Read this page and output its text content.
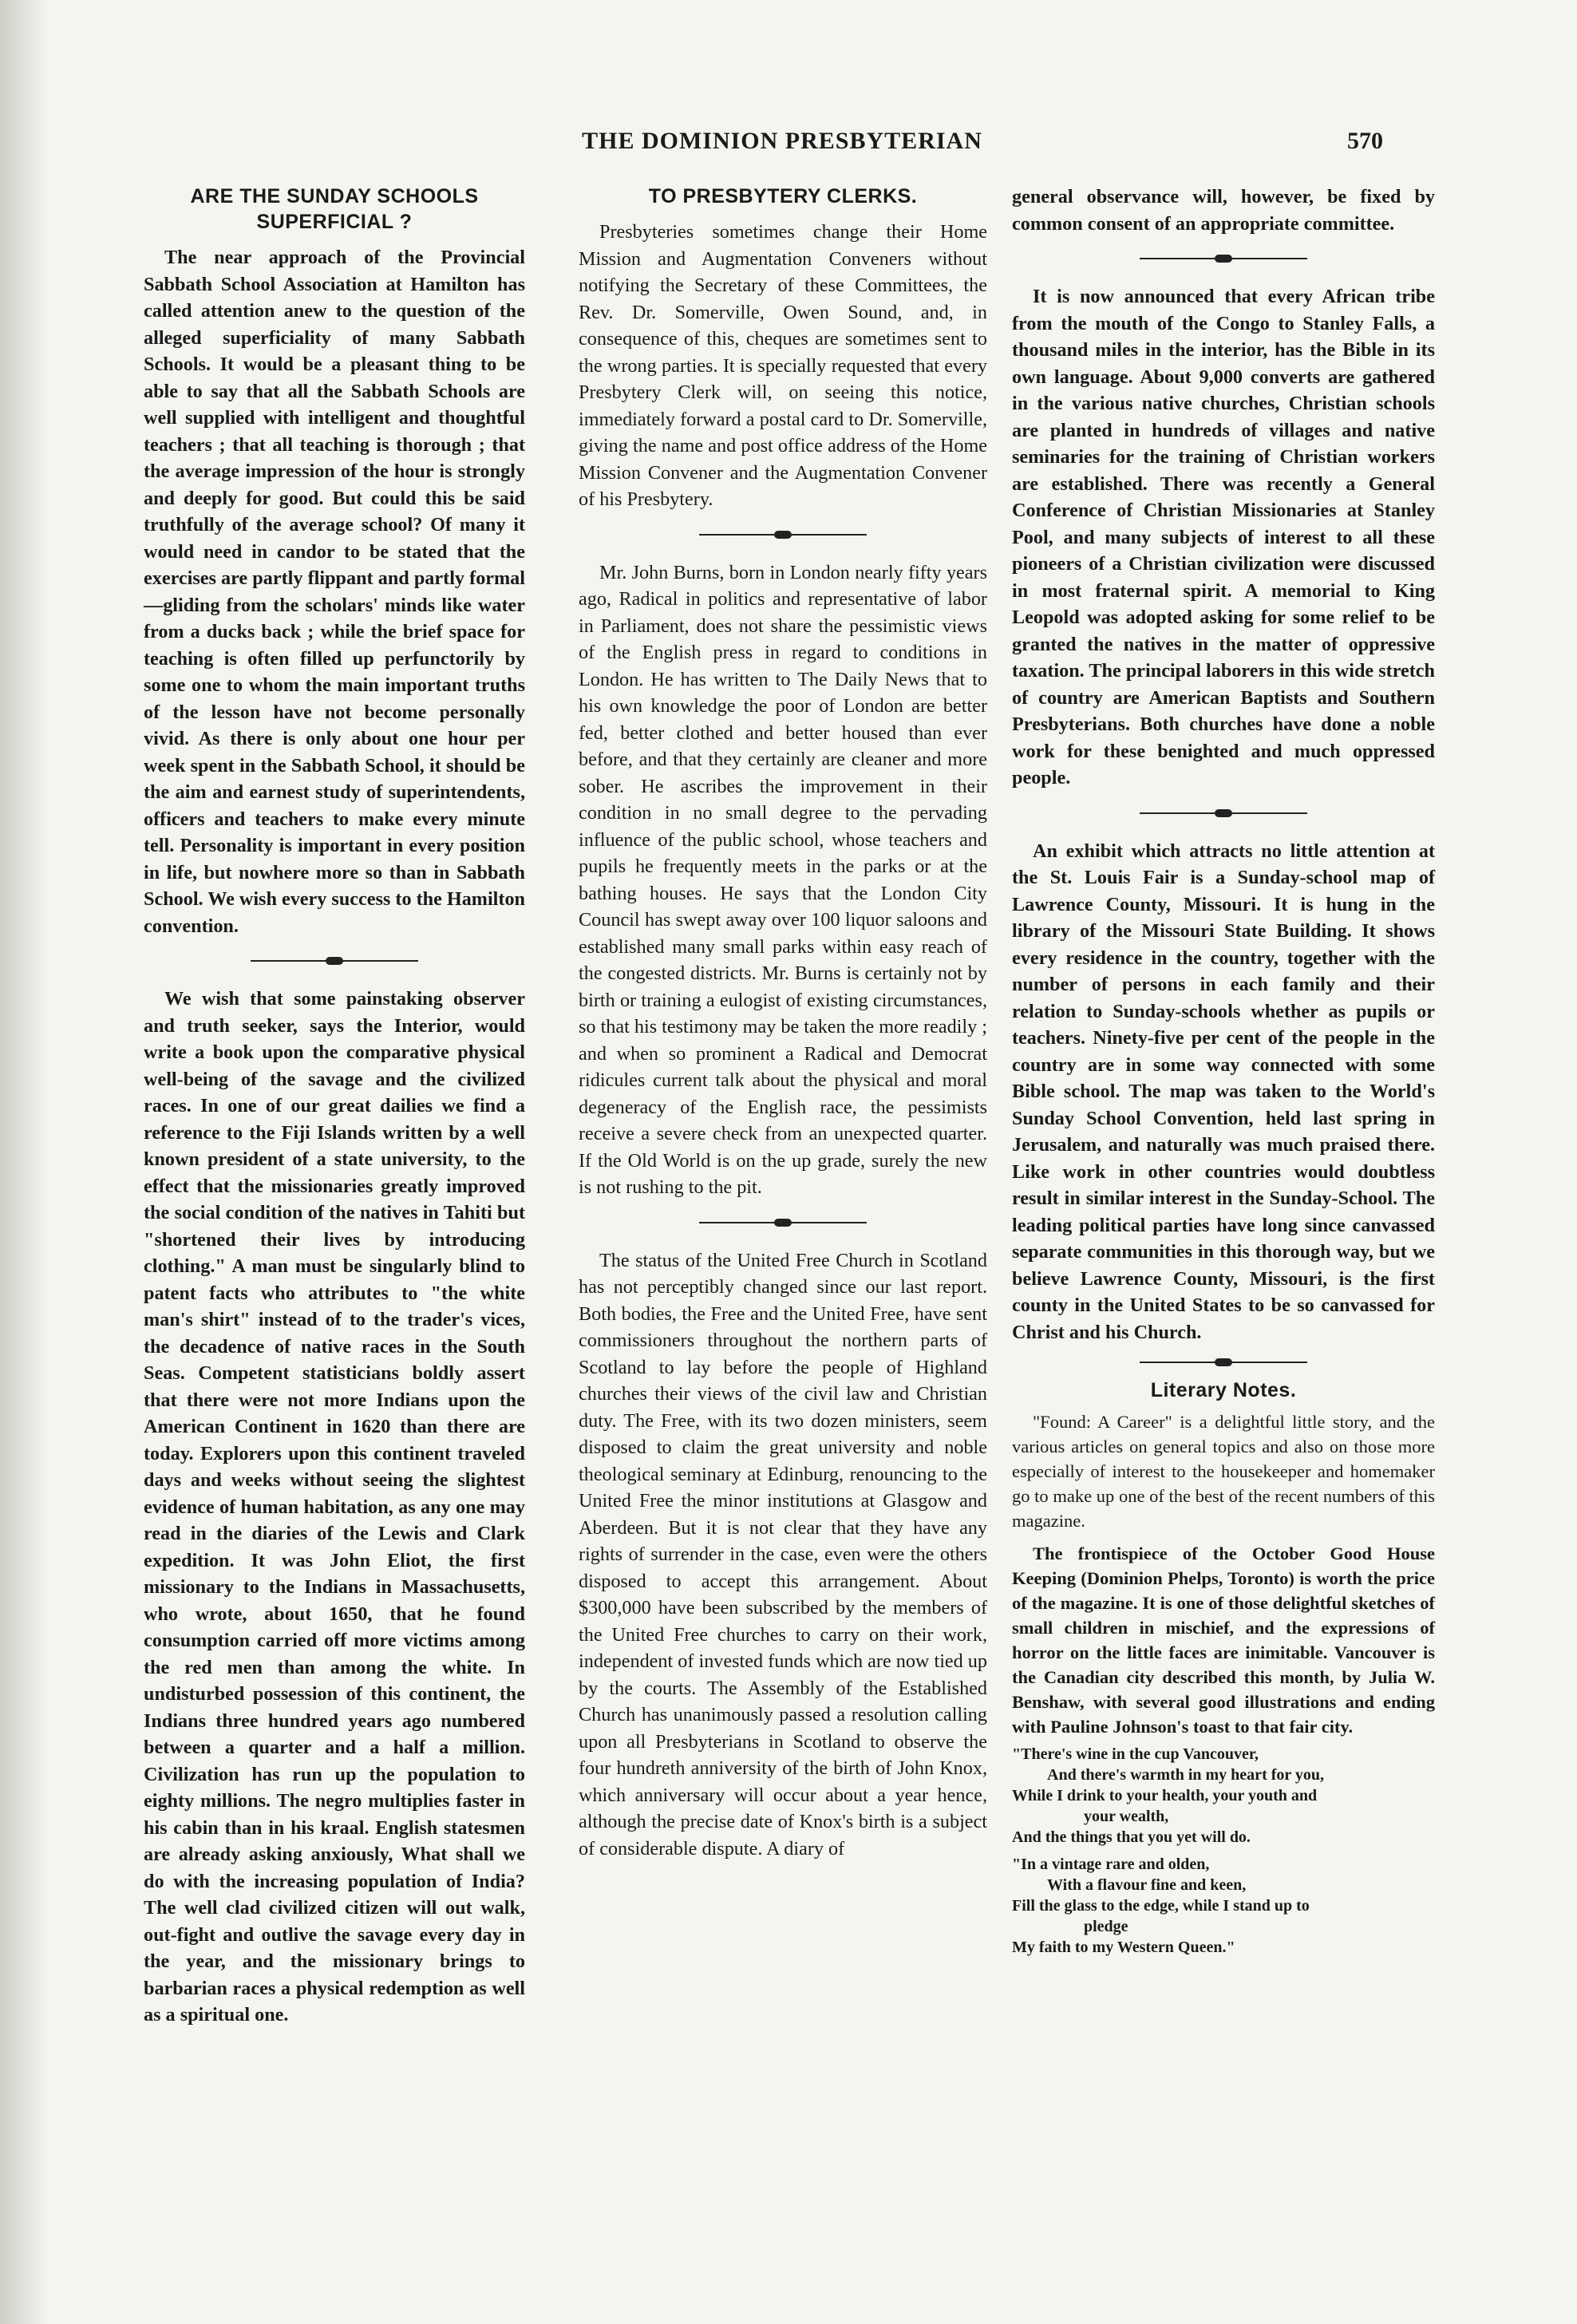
THE DOMINION PRESBYTERIAN	570
ARE THE SUNDAY SCHOOLS SUPERFICIAL ?

The near approach of the Provincial Sabbath School Association at Hamilton has called attention anew to the question of the alleged superficiality of many Sabbath Schools. It would be a pleasant thing to be able to say that all the Sabbath Schools are well supplied with intelligent and thoughtful teachers ; that all teaching is thorough ; that the average impression of the hour is strongly and deeply for good. But could this be said truthfully of the average school? Of many it would need in candor to be stated that the exercises are partly flippant and partly formal—gliding from the scholars' minds like water from a ducks back ; while the brief space for teaching is often filled up perfunctorily by some one to whom the main important truths of the lesson have not become personally vivid. As there is only about one hour per week spent in the Sabbath School, it should be the aim and earnest study of superintendents, officers and teachers to make every minute tell. Personality is important in every position in life, but nowhere more so than in Sabbath School. We wish every success to the Hamilton convention.

We wish that some painstaking observer and truth seeker, says the Interior, would write a book upon the comparative physical well-being of the savage and the civilized races. In one of our great dailies we find a reference to the Fiji Islands written by a well known president of a state university, to the effect that the missionaries greatly improved the social condition of the natives in Tahiti but "shortened their lives by introducing clothing." A man must be singularly blind to patent facts who attributes to "the white man's shirt" instead of to the trader's vices, the decadence of native races in the South Seas. Competent statisticians boldly assert that there were not more Indians upon the American Continent in 1620 than there are today. Explorers upon this continent traveled days and weeks without seeing the slightest evidence of human habitation, as any one may read in the diaries of the Lewis and Clark expedition. It was John Eliot, the first missionary to the Indians in Massachusetts, who wrote, about 1650, that he found consumption carried off more victims among the red men than among the white. In undisturbed possession of this continent, the Indians three hundred years ago numbered between a quarter and a half a million. Civilization has run up the population to eighty millions. The negro multiplies faster in his cabin than in his kraal. English statesmen are already asking anxiously, What shall we do with the increasing population of India? The well clad civilized citizen will out walk, out-fight and outlive the savage every day in the year, and the missionary brings to barbarian races a physical redemption as well as a spiritual one.

TO PRESBYTERY CLERKS.

Presbyteries sometimes change their Home Mission and Augmentation Conveners without notifying the Secretary of these Committees, the Rev. Dr. Somerville, Owen Sound, and, in consequence of this, cheques are sometimes sent to the wrong parties. It is specially requested that every Presbytery Clerk will, on seeing this notice, immediately forward a postal card to Dr. Somerville, giving the name and post office address of the Home Mission Convener and the Augmentation Convener of his Presbytery.

Mr. John Burns, born in London nearly fifty years ago, Radical in politics and representative of labor in Parliament, does not share the pessimistic views of the English press in regard to conditions in London. He has written to The Daily News that to his own knowledge the poor of London are better fed, better clothed and better housed than ever before, and that they certainly are cleaner and more sober. He ascribes the improvement in their condition in no small degree to the pervading influence of the public school, whose teachers and pupils he frequently meets in the parks or at the bathing houses. He says that the London City Council has swept away over 100 liquor saloons and established many small parks within easy reach of the congested districts. Mr. Burns is certainly not by birth or training a eulogist of existing circumstances, so that his testimony may be taken the more readily ; and when so prominent a Radical and Democrat ridicules current talk about the physical and moral degeneracy of the English race, the pessimists receive a severe check from an unexpected quarter. If the Old World is on the up grade, surely the new is not rushing to the pit.

The status of the United Free Church in Scotland has not perceptibly changed since our last report. Both bodies, the Free and the United Free, have sent commissioners throughout the northern parts of Scotland to lay before the people of Highland churches their views of the civil law and Christian duty. The Free, with its two dozen ministers, seem disposed to claim the great university and noble theological seminary at Edinburg, renouncing to the United Free the minor institutions at Glasgow and Aberdeen. But it is not clear that they have any rights of surrender in the case, even were the others disposed to accept this arrangement. About $300,000 have been subscribed by the members of the United Free churches to carry on their work, independent of invested funds which are now tied up by the courts. The Assembly of the Established Church has unanimously passed a resolution calling upon all Presbyterians in Scotland to observe the four hundreth anniversity of the birth of John Knox, which anniversary will occur about a year hence, although the precise date of Knox's birth is a subject of considerable dispute. A diary of

general observance will, however, be fixed by common consent of an appropriate committee.

It is now announced that every African tribe from the mouth of the Congo to Stanley Falls, a thousand miles in the interior, has the Bible in its own language. About 9,000 converts are gathered in the various native churches, Christian schools are planted in hundreds of villages and native seminaries for the training of Christian workers are established. There was recently a General Conference of Christian Missionaries at Stanley Pool, and many subjects of interest to all these pioneers of a Christian civilization were discussed in most fraternal spirit. A memorial to King Leopold was adopted asking for some relief to be granted the natives in the matter of oppressive taxation. The principal laborers in this wide stretch of country are American Baptists and Southern Presbyterians. Both churches have done a noble work for these benighted and much oppressed people.

An exhibit which attracts no little attention at the St. Louis Fair is a Sunday-school map of Lawrence County, Missouri. It is hung in the library of the Missouri State Building. It shows every residence in the country, together with the number of persons in each family and their relation to Sunday-schools whether as pupils or teachers. Ninety-five per cent of the people in the country are in some way connected with some Bible school. The map was taken to the World's Sunday School Convention, held last spring in Jerusalem, and naturally was much praised there. Like work in other countries would doubtless result in similar interest in the Sunday-School. The leading political parties have long since canvassed separate communities in this thorough way, but we believe Lawrence County, Missouri, is the first county in the United States to be so canvassed for Christ and his Church.

Literary Notes.

"Found: A Career" is a delightful little story, and the various articles on general topics and also on those more especially of interest to the housekeeper and homemaker go to make up one of the best of the recent numbers of this magazine.

The frontispiece of the October Good House Keeping (Dominion Phelps, Toronto) is worth the price of the magazine. It is one of those delightful sketches of small children in mischief, and the expressions of horror on the little faces are inimitable. Vancouver is the Canadian city described this month, by Julia W. Benshaw, with several good illustrations and ending with Pauline Johnson's toast to that fair city.

"There's wine in the cup Vancouver,
And there's warmth in my heart for you,
While I drink to your health, your youth and
your wealth,
And the things that you yet will do.
"In a vintage rare and olden,
With a flavour fine and keen,
Fill the glass to the edge, while I stand up to
pledge
My faith to my Western Queen."
